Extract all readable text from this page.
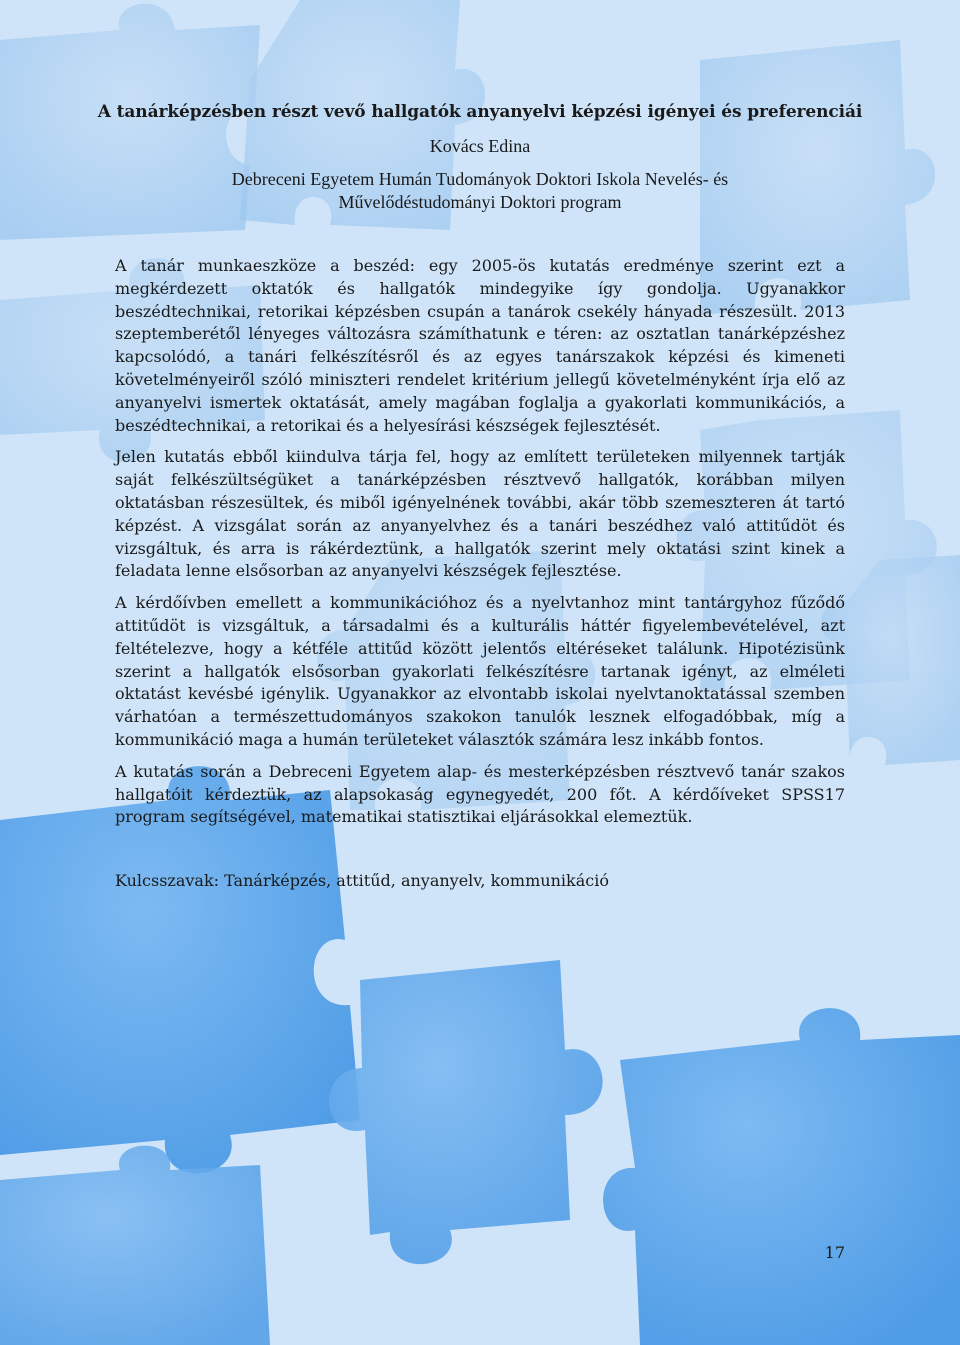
A tanárképzésben részt vevő hallgatók anyanyelvi képzési igényei és preferenciái
Kovács Edina
Debreceni Egyetem Humán Tudományok Doktori Iskola Nevelés- és Művelődéstudományi Doktori program

A tanár munkaeszköze a beszéd: egy 2005-ös kutatás eredménye szerint ezt a megkérdezett oktatók és hallgatók mindegyike így gondolja. Ugyanakkor beszédtechnikai, retorikai képzésben csupán a tanárok csekély hányada részesült. 2013 szeptemberétől lényeges változásra számíthatunk e téren: az osztatlan tanárképzéshez kapcsolódó, a tanári felkészítésről és az egyes tanárszakok képzési és kimeneti követelményeiről szóló miniszteri rendelet kritérium jellegű követelményként írja elő az anyanyelvi ismertek oktatását, amely magában foglalja a gyakorlati kommunikációs, a beszédtechnikai, a retorikai és a helyesírási készségek fejlesztését.

Jelen kutatás ebből kiindulva tárja fel, hogy az említett területeken milyennek tartják saját felkészültségüket a tanárképzésben résztvevő hallgatók, korábban milyen oktatásban részesültek, és miből igényelnének további, akár több szemeszteren át tartó képzést. A vizsgálat során az anyanyelvhez és a tanári beszédhez való attitűdöt és vizsgáltuk, és arra is rákérdeztünk, a hallgatók szerint mely oktatási szint kinek a feladata lenne elsősorban az anyanyelvi készségek fejlesztése.

A kérdőívben emellett a kommunikációhoz és a nyelvtanhoz mint tantárgyhoz fűződő attitűdöt is vizsgáltuk, a társadalmi és a kulturális háttér figyelembevételével, azt feltételezve, hogy a kétféle attitűd között jelentős eltéréseket találunk. Hipotézisünk szerint a hallgatók elsősorban gyakorlati felkészítésre tartanak igényt, az elméleti oktatást kevésbé igénylik. Ugyanakkor az elvontabb iskolai nyelvtanoktatással szemben várhatóan a természettudományos szakokon tanulók lesznek elfogadóbbak, míg a kommunikáció maga a humán területeket választók számára lesz inkább fontos.

A kutatás során a Debreceni Egyetem alap- és mesterképzésben résztvevő tanár szakos hallgatóit kérdeztük, az alapsokaság egynegyedét, 200 főt. A kérdőíveket SPSS17 program segítségével, matematikai statisztikai eljárásokkal elemeztük.

Kulcsszavak: Tanárképzés, attitűd, anyanyelv, kommunikáció
17
